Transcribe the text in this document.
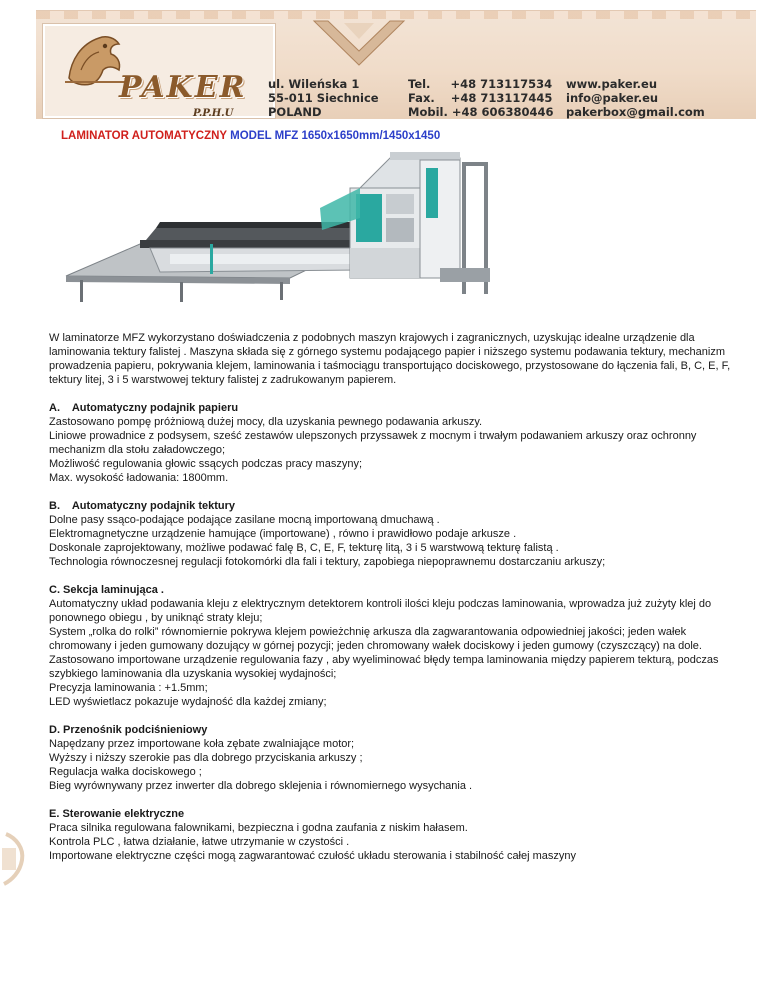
PAKER
P.P.H.U
ul. Wileńska 1
55-011 Siechnice
POLAND
Tel.     +48 713117534
Fax.    +48 713117445
Mobil. +48 606380446
www.paker.eu
info@paker.eu
pakerbox@gmail.com
LAMINATOR AUTOMATYCZNY MODEL MFZ 1650x1650mm/1450x1450

W laminatorze MFZ wykorzystano doświadczenia z podobnych maszyn krajowych i zagranicznych, uzyskując idealne urządzenie dla laminowania tektury falistej . Maszyna składa się z górnego systemu podającego papier i niższego systemu podawania tektury, mechanizm prowadzenia papieru, pokrywania klejem, laminowania i taśmociągu transportująco dociskowego, przystosowane do łączenia fali, B, C, E, F, tektury litej, 3 i 5 warstwowej tektury falistej z zadrukowanym papierem.

A.    Automatyczny podajnik papieru

Zastosowano pompę próżniową dużej mocy, dla uzyskania pewnego podawania arkuszy.

Liniowe prowadnice z podsysem, sześć zestawów ulepszonych przyssawek z mocnym i trwałym podawaniem arkuszy oraz ochronny mechanizm dla stołu załadowczego;

Możliwość regulowania głowic ssących podczas pracy maszyny;

Max. wysokość ładowania: 1800mm.

B.    Automatyczny podajnik tektury

Dolne pasy ssąco-podające podające zasilane mocną importowaną dmuchawą .

Elektromagnetyczne urządzenie hamujące (importowane) , równo i prawidłowo podaje arkusze .

Doskonale zaprojektowany, możliwe podawać falę B, C, E, F, tekturę litą, 3 i 5 warstwową tekturę falistą .

Technologia równoczesnej regulacji fotokomórki dla fali i tektury, zapobiega niepoprawnemu dostarczaniu arkuszy;

C. Sekcja laminująca .

Automatyczny układ podawania kleju z elektrycznym detektorem kontroli ilości kleju podczas laminowania, wprowadza już zużyty klej do ponownego obiegu , by uniknąć straty kleju;

System „rolka do rolki” równomiernie pokrywa klejem powieżchnię arkusza dla zagwarantowania odpowiedniej jakości; jeden wałek chromowany i jeden gumowany dozujący w górnej pozycji; jeden chromowany wałek dociskowy i jeden gumowy (czyszczący) na dole.

Zastosowano importowane urządzenie regulowania fazy , aby wyeliminować błędy tempa laminowania między papierem tekturą, podczas szybkiego laminowania dla uzyskania wysokiej wydajności;

Precyzja laminowania : +1.5mm;

LED wyświetlacz pokazuje wydajność dla każdej zmiany;

D. Przenośnik podciśnieniowy

Napędzany przez importowane koła zębate zwalniające motor;

Wyższy i niższy szerokie pas dla dobrego przyciskania arkuszy ;

Regulacja wałka dociskowego ;

Bieg wyrównywany przez inwerter dla dobrego sklejenia i równomiernego wysychania .

E. Sterowanie elektryczne

Praca silnika regulowana falownikami, bezpieczna i godna zaufania z niskim hałasem.

Kontrola PLC , łatwa działanie, łatwe utrzymanie w czystości .

Importowane elektryczne części mogą zagwarantować czułość układu sterowania i stabilność całej maszyny
